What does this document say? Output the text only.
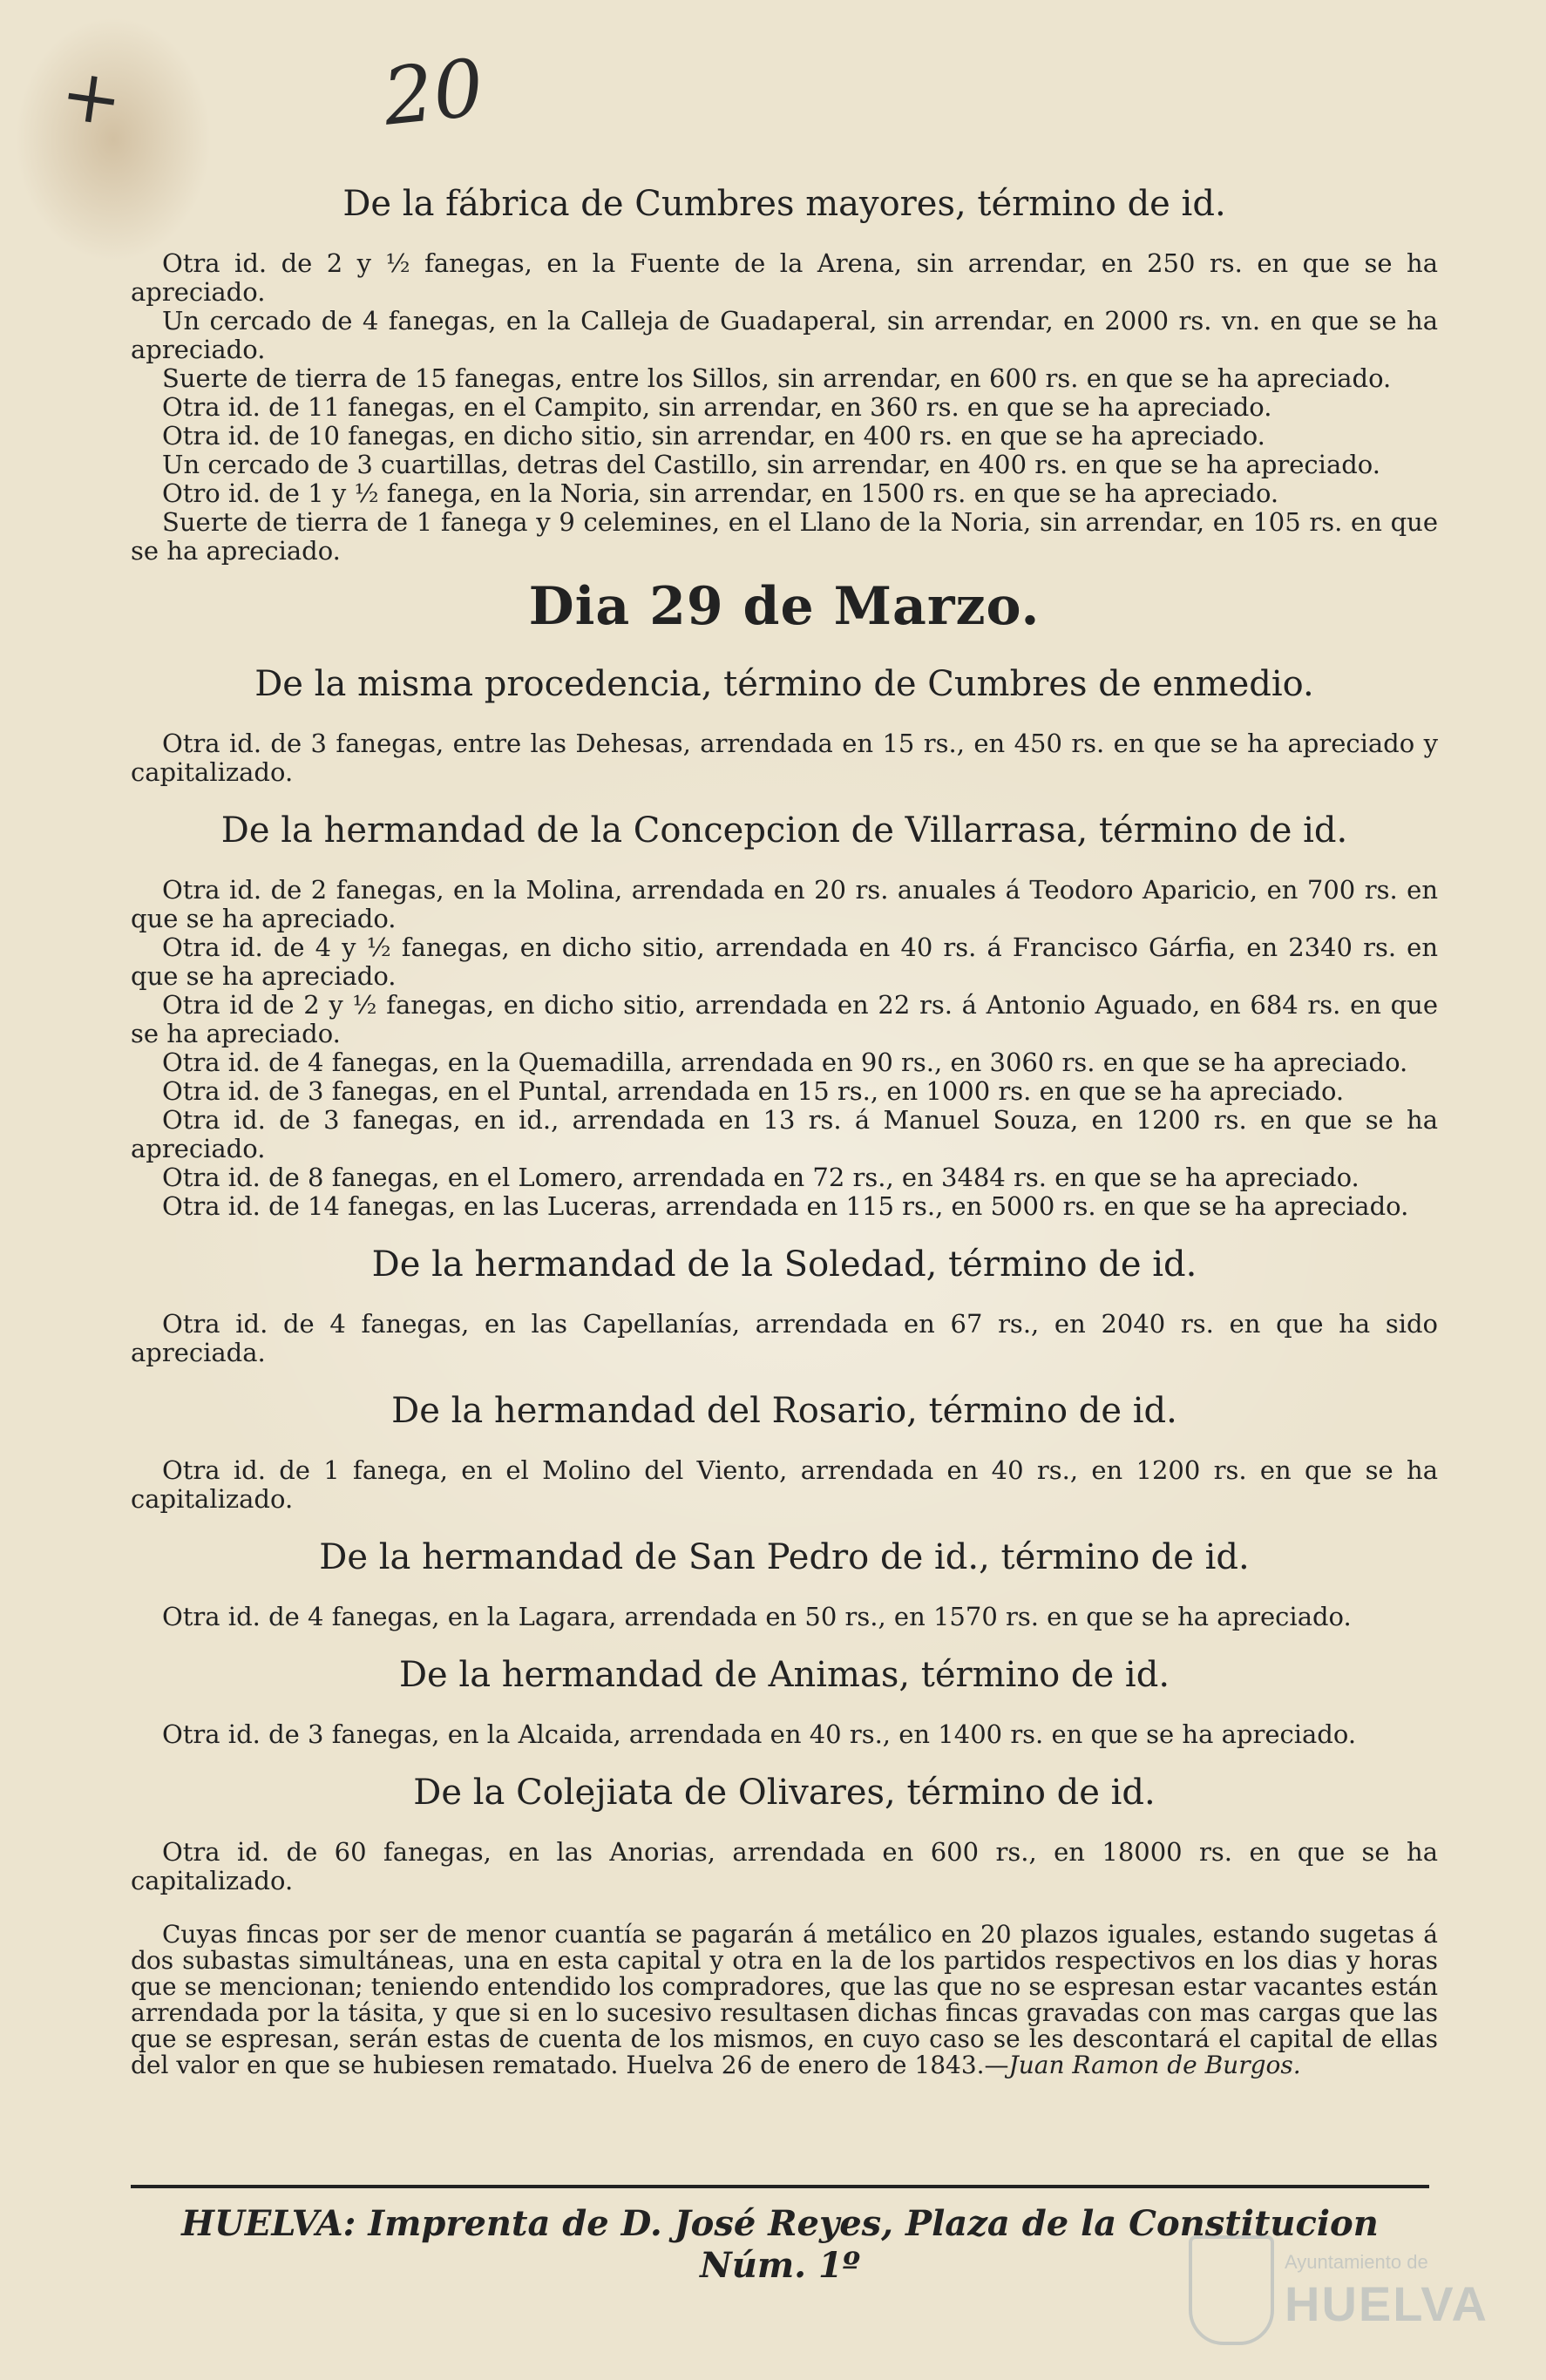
+	20
De la fábrica de Cumbres mayores, término de id.

Otra id. de 2 y ½ fanegas, en la Fuente de la Arena, sin arrendar, en 250 rs. en que se ha apreciado.

Un cercado de 4 fanegas, en la Calleja de Guadaperal, sin arrendar, en 2000 rs. vn. en que se ha apreciado.

Suerte de tierra de 15 fanegas, entre los Sillos, sin arrendar, en 600 rs. en que se ha apreciado.

Otra id. de 11 fanegas, en el Campito, sin arrendar, en 360 rs. en que se ha apreciado.

Otra id. de 10 fanegas, en dicho sitio, sin arrendar, en 400 rs. en que se ha apreciado.

Un cercado de 3 cuartillas, detras del Castillo, sin arrendar, en 400 rs. en que se ha apreciado.

Otro id. de 1 y ½ fanega, en la Noria, sin arrendar, en 1500 rs. en que se ha apreciado.

Suerte de tierra de 1 fanega y 9 celemines, en el Llano de la Noria, sin arrendar, en 105 rs. en que se ha apreciado.

Dia 29 de Marzo.
De la misma procedencia, término de Cumbres de enmedio.

Otra id. de 3 fanegas, entre las Dehesas, arrendada en 15 rs., en 450 rs. en que se ha apreciado y capitalizado.

De la hermandad de la Concepcion de Villarrasa, término de id.

Otra id. de 2 fanegas, en la Molina, arrendada en 20 rs. anuales á Teodoro Aparicio, en 700 rs. en que se ha apreciado.

Otra id. de 4 y ½ fanegas, en dicho sitio, arrendada en 40 rs. á Francisco Gárfia, en 2340 rs. en que se ha apreciado.

Otra id de 2 y ½ fanegas, en dicho sitio, arrendada en 22 rs. á Antonio Aguado, en 684 rs. en que se ha apreciado.

Otra id. de 4 fanegas, en la Quemadilla, arrendada en 90 rs., en 3060 rs. en que se ha apreciado.

Otra id. de 3 fanegas, en el Puntal, arrendada en 15 rs., en 1000 rs. en que se ha apreciado.

Otra id. de 3 fanegas, en id., arrendada en 13 rs. á Manuel Souza, en 1200 rs. en que se ha apreciado.

Otra id. de 8 fanegas, en el Lomero, arrendada en 72 rs., en 3484 rs. en que se ha apreciado.

Otra id. de 14 fanegas, en las Luceras, arrendada en 115 rs., en 5000 rs. en que se ha apreciado.

De la hermandad de la Soledad, término de id.

Otra id. de 4 fanegas, en las Capellanías, arrendada en 67 rs., en 2040 rs. en que ha sido apreciada.

De la hermandad del Rosario, término de id.

Otra id. de 1 fanega, en el Molino del Viento, arrendada en 40 rs., en 1200 rs. en que se ha capitalizado.

De la hermandad de San Pedro de id., término de id.

Otra id. de 4 fanegas, en la Lagara, arrendada en 50 rs., en 1570 rs. en que se ha apreciado.

De la hermandad de Animas, término de id.

Otra id. de 3 fanegas, en la Alcaida, arrendada en 40 rs., en 1400 rs. en que se ha apreciado.

De la Colejiata de Olivares, término de id.

Otra id. de 60 fanegas, en las Anorias, arrendada en 600 rs., en 18000 rs. en que se ha capitalizado.

Cuyas fincas por ser de menor cuantía se pagarán á metálico en 20 plazos iguales, estando sugetas á dos subastas simultáneas, una en esta capital y otra en la de los partidos respectivos en los dias y horas que se mencionan; teniendo entendido los compradores, que las que no se espresan estar vacantes están arrendada por la tásita, y que si en lo sucesivo resultasen dichas fincas gravadas con mas cargas que las que se espresan, serán estas de cuenta de los mismos, en cuyo caso se les descontará el capital de ellas del valor en que se hubiesen rematado. Huelva 26 de enero de 1843.—Juan Ramon de Burgos.

HUELVA: Imprenta de D. José Reyes, Plaza de la Constitucion Núm. 1º	Ayuntamiento de
HUELVA
